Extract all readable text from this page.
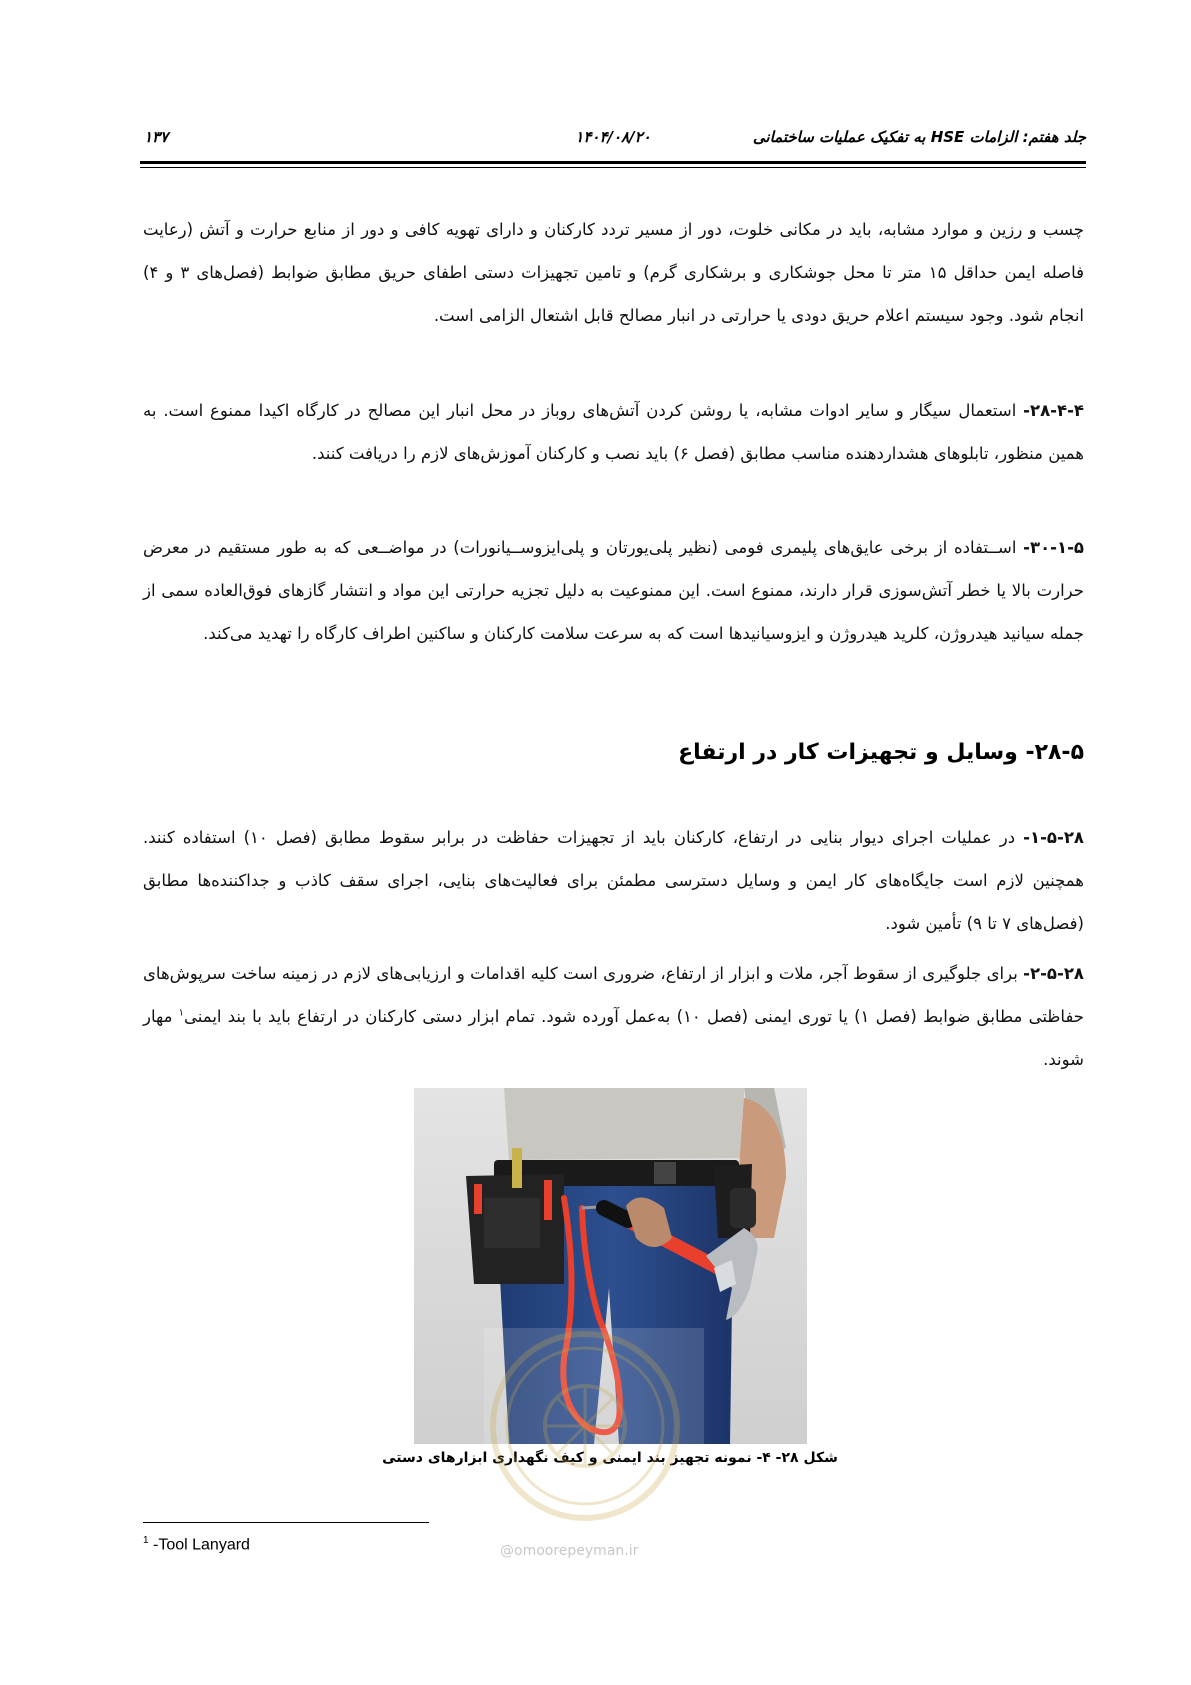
جلد هفتم: الزامات HSE به تفکیک عملیات ساختمانی
۱۴۰۴/۰۸/۲۰
۱۳۷

چسب و رزین و موارد مشابه، باید در مکانی خلوت، دور از مسیر تردد کارکنان و دارای تهویه کافی و دور از منابع حرارت و آتش (رعایت فاصله ایمن حداقل ۱۵ متر تا محل جوشکاری و برشکاری گرم) و تامین تجهیزات دستی اطفای حریق مطابق ضوابط (فصل‌های ۳ و ۴) انجام شود. وجود سیستم اعلام حریق دودی یا حرارتی در انبار مصالح قابل اشتعال الزامی است.

۲۸-۴-۴- استعمال سیگار و سایر ادوات مشابه، یا روشن کردن آتش‌های روباز در محل انبار این مصالح در کارگاه اکیدا ممنوع است. به همین منظور، تابلوهای هشداردهنده مناسب مطابق (فصل ۶) باید نصب و کارکنان آموزش‌های لازم را دریافت کنند.

۳۰-۱-۵- اســتفاده از برخی عایق‌های پلیمری فومی (نظیر پلی‌یورتان و پلی‌ایزوســیانورات) در مواضــعی که به طور مستقیم در معرض حرارت بالا یا خطر آتش‌سوزی قرار دارند، ممنوع است. این ممنوعیت به دلیل تجزیه حرارتی این مواد و انتشار گازهای فوق‌العاده سمی از جمله سیانید هیدروژن، کلرید هیدروژن و ایزوسیانیدها است که به سرعت سلامت کارکنان و ساکنین اطراف کارگاه را تهدید می‌کند.

۲۸-۵- وسایل و تجهیزات کار در ارتفاع

۱-۵-۲۸- در عملیات اجرای دیوار بنایی در ارتفاع، کارکنان باید از تجهیزات حفاظت در برابر سقوط مطابق (فصل ۱۰) استفاده کنند. همچنین لازم است جایگاه‌های کار ایمن و وسایل دسترسی مطمئن برای فعالیت‌های بنایی، اجرای سقف کاذب و جداکننده‌ها مطابق (فصل‌های ۷ تا ۹) تأمین شود.

۲-۵-۲۸- برای جلوگیری از سقوط آجر، ملات و ابزار از ارتفاع، ضروری است کلیه اقدامات و ارزیابی‌های لازم در زمینه ساخت سرپوش‌های حفاظتی مطابق ضوابط (فصل ۱) یا توری ایمنی (فصل ۱۰) به‌عمل آورده شود. تمام ابزار دستی کارکنان در ارتفاع باید با بند ایمنی$^۱$ مهار شوند.

شکل ۲۸- ۴- نمونه تجهیز بند ایمنی و کیف نگهداری ابزارهای دستی
@omoorepeyman.ir
$^1$ -Tool Lanyard
